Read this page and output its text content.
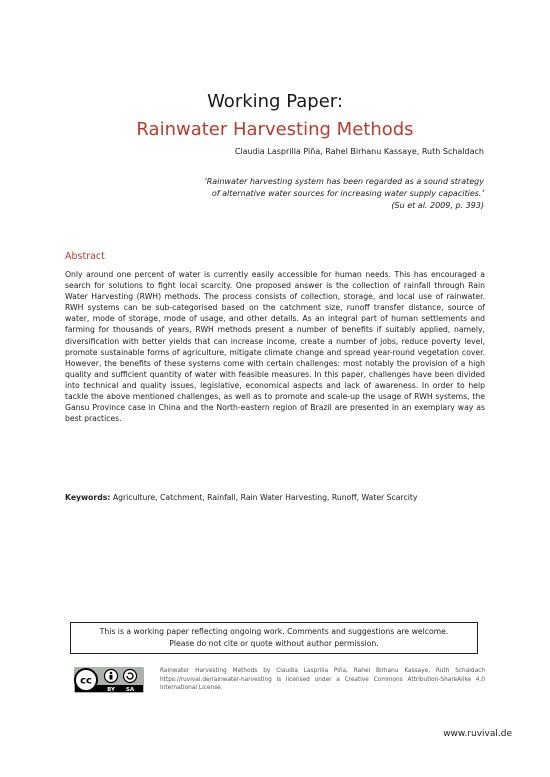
Working Paper:
Rainwater Harvesting Methods
Claudia Lasprilla Piña, Rahel Birhanu Kassaye, Ruth Schaldach
‘Rainwater harvesting system has been regarded as a sound strategy
of alternative water sources for increasing water supply capacities.’
(Su et al. 2009, p. 393)
Abstract

Only around one percent of water is currently easily accessible for human needs. This has encouraged a search for solutions to fight local scarcity. One proposed answer is the collection of rainfall through Rain Water Harvesting (RWH) methods. The process consists of collection, storage, and local use of rainwater. RWH systems can be sub-categorised based on the catchment size, runoff transfer distance, source of water, mode of storage, mode of usage, and other details. As an integral part of human settlements and farming for thousands of years, RWH methods present a number of benefits if suitably applied, namely, diversification with better yields that can increase income, create a number of jobs, reduce poverty level, promote sustainable forms of agriculture, mitigate climate change and spread year-round vegetation cover. However, the benefits of these systems come with certain challenges: most notably the provision of a high quality and sufficient quantity of water with feasible measures. In this paper, challenges have been divided into technical and quality issues, legislative, economical aspects and lack of awareness. In order to help tackle the above mentioned challenges, as well as to promote and scale-up the usage of RWH systems, the Gansu Province case in China and the North-eastern region of Brazil are presented in an exemplary way as best practices.

Keywords: Agriculture, Catchment, Rainfall, Rain Water Harvesting, Runoff, Water Scarcity
This is a working paper reflecting ongoing work. Comments and suggestions are welcome.
Please do not cite or quote without author permission.
cc
BY SA
Rainwater Harvesting Methods by Claudia Lasprilla Piña, Rahel Birhanu Kassaye, Ruth Schaldach https://ruvival.de/rainwater-harvesting is licensed under a Creative Commons Attribution-ShareAlike 4.0 International License.
www.ruvival.de
